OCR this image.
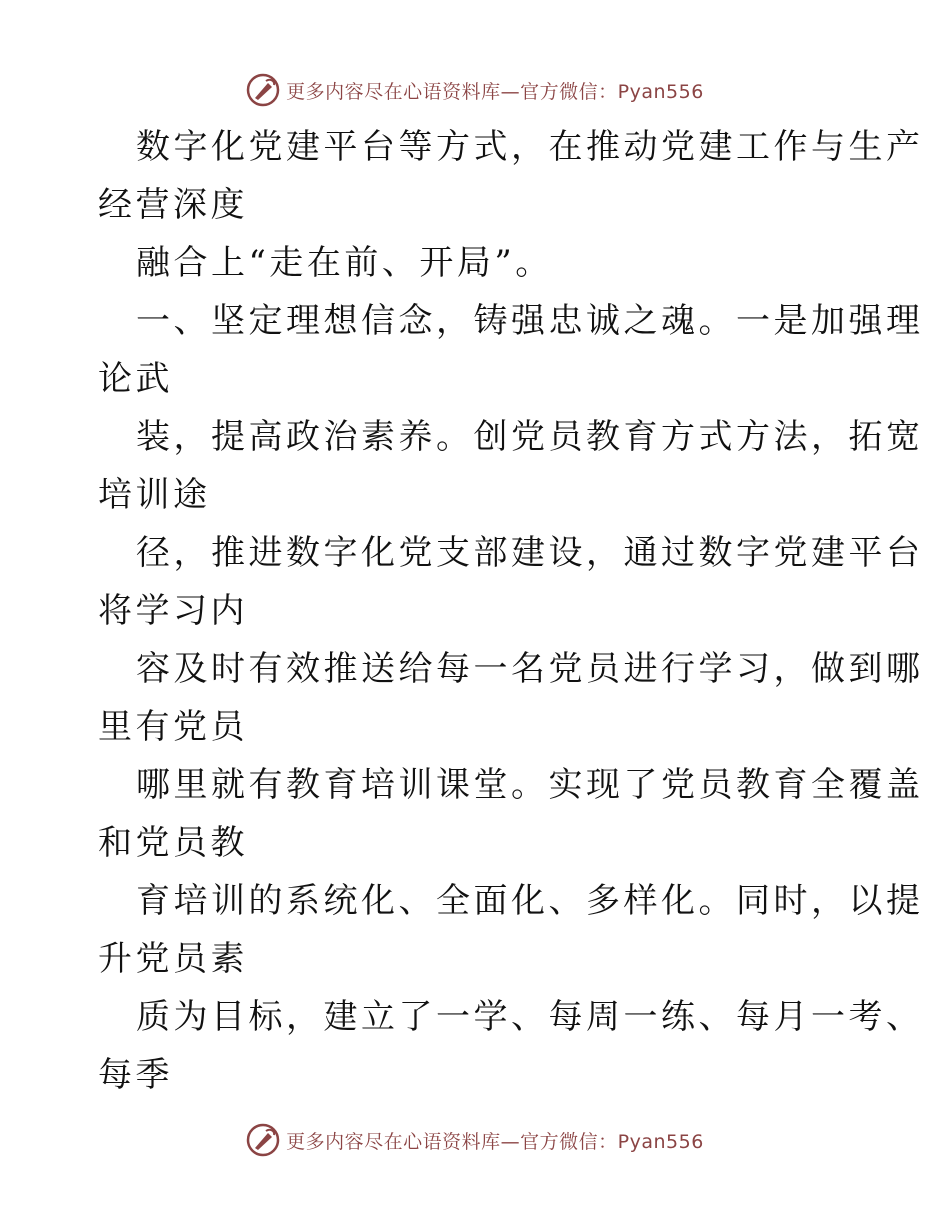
更多内容尽在心语资料库—官方微信：Pyan556
数字化党建平台等方式，在推动党建工作与生产
经营深度
融合上“走在前、开局”。
一、坚定理想信念，铸强忠诚之魂。一是加强理
论武
装，提高政治素养。创党员教育方式方法，拓宽
培训途
径，推进数字化党支部建设，通过数字党建平台
将学习内
容及时有效推送给每一名党员进行学习，做到哪
里有党员
哪里就有教育培训课堂。实现了党员教育全覆盖
和党员教
育培训的系统化、全面化、多样化。同时，以提
升党员素
质为目标，建立了一学、每周一练、每月一考、
每季
更多内容尽在心语资料库—官方微信：Pyan556
